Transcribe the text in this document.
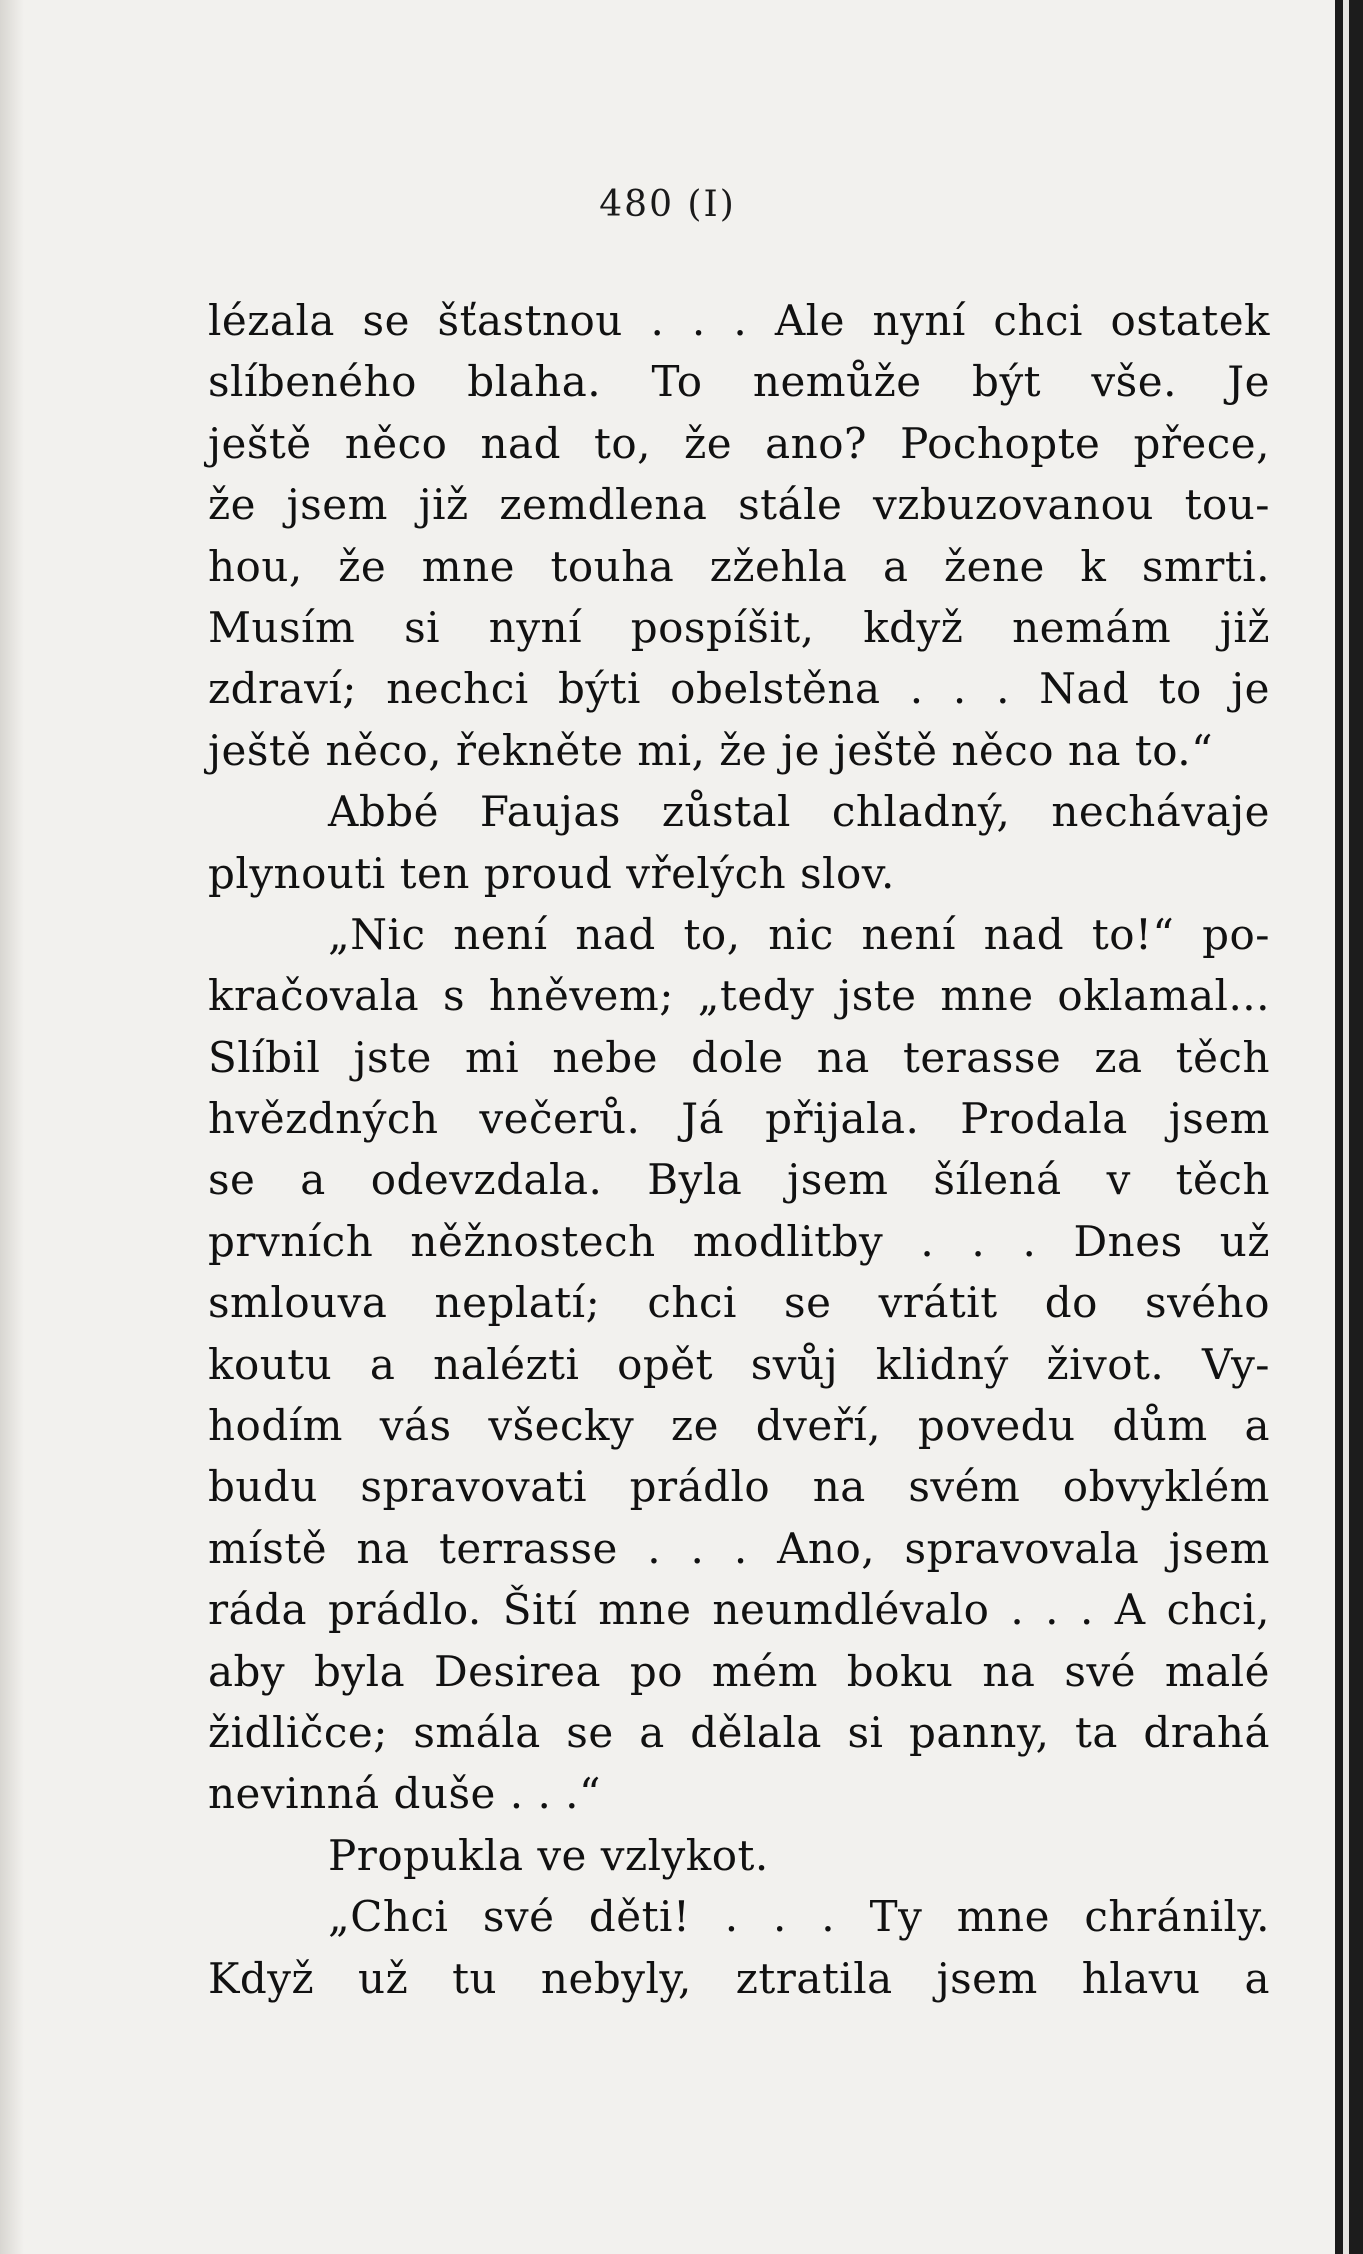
480 (I)
lézala se šťastnou . . . Ale nyní chci ostatek
slíbeného blaha. To nemůže být vše. Je
ještě něco nad to, že ano? Pochopte přece,
že jsem již zemdlena stále vzbuzovanou tou-
hou, že mne touha zžehla a žene k smrti.
Musím si nyní pospíšit, když nemám již
zdraví; nechci býti obelstěna . . . Nad to je
ještě něco, řekněte mi, že je ještě něco na to.“
Abbé Faujas zůstal chladný, nechávaje
plynouti ten proud vřelých slov.
„Nic není nad to, nic není nad to!“ po-
kračovala s hněvem; „tedy jste mne oklamal...
Slíbil jste mi nebe dole na terasse za těch
hvězdných večerů. Já přijala. Prodala jsem
se a odevzdala. Byla jsem šílená v těch
prvních něžnostech modlitby . . . Dnes už
smlouva neplatí; chci se vrátit do svého
koutu a nalézti opět svůj klidný život. Vy-
hodím vás všecky ze dveří, povedu dům a
budu spravovati prádlo na svém obvyklém
místě na terrasse . . . Ano, spravovala jsem
ráda prádlo. Šití mne neumdlévalo . . . A chci,
aby byla Desirea po mém boku na své malé
židličce; smála se a dělala si panny, ta drahá
nevinná duše . . .“
Propukla ve vzlykot.
„Chci své děti! . . . Ty mne chránily.
Když už tu nebyly, ztratila jsem hlavu a
